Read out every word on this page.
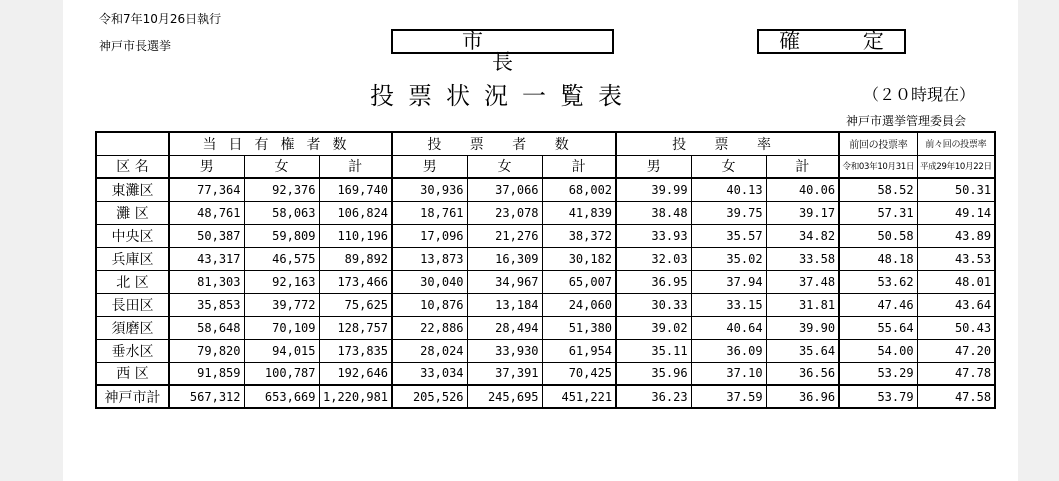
令和7年10月26日執行
神戸市長選挙	市 長
確 定
投票状況一覧表	（２０時現在）
神戸市選挙管理委員会
	当日有権者数			投 票 者 数			投 票 率			前回の投票率	前々回の投票率
区 名	男	女	計	男	女	計	男	女	計	令和03年10月31日	平成29年10月22日
東灘区	77,364	92,376	169,740	30,936	37,066	68,002	39.99	40.13	40.06	58.52	50.31
灘 区	48,761	58,063	106,824	18,761	23,078	41,839	38.48	39.75	39.17	57.31	49.14
中央区	50,387	59,809	110,196	17,096	21,276	38,372	33.93	35.57	34.82	50.58	43.89
兵庫区	43,317	46,575	89,892	13,873	16,309	30,182	32.03	35.02	33.58	48.18	43.53
北 区	81,303	92,163	173,466	30,040	34,967	65,007	36.95	37.94	37.48	53.62	48.01
長田区	35,853	39,772	75,625	10,876	13,184	24,060	30.33	33.15	31.81	47.46	43.64
須磨区	58,648	70,109	128,757	22,886	28,494	51,380	39.02	40.64	39.90	55.64	50.43
垂水区	79,820	94,015	173,835	28,024	33,930	61,954	35.11	36.09	35.64	54.00	47.20
西 区	91,859	100,787	192,646	33,034	37,391	70,425	35.96	37.10	36.56	53.29	47.78
神戸市計	567,312	653,669	1,220,981	205,526	245,695	451,221	36.23	37.59	36.96	53.79	47.58
